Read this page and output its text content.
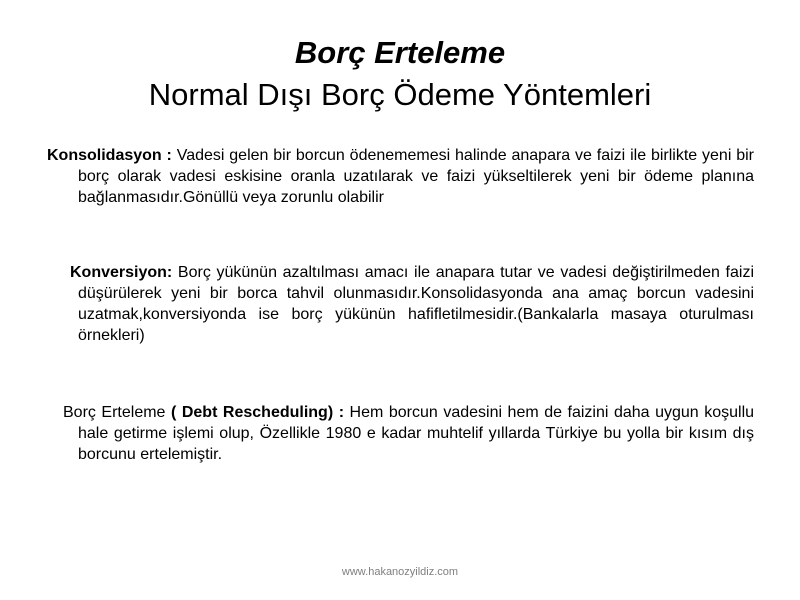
Borç Erteleme
Normal Dışı Borç Ödeme Yöntemleri
Konsolidasyon : Vadesi gelen bir borcun ödenememesi halinde anapara ve faizi ile birlikte yeni bir borç olarak vadesi eskisine oranla uzatılarak ve faizi yükseltilerek yeni bir ödeme planına bağlanmasıdır.Gönüllü veya zorunlu olabilir
Konversiyon: Borç yükünün azaltılması amacı ile anapara tutar ve vadesi değiştirilmeden faizi düşürülerek yeni bir borca tahvil olunmasıdır.Konsolidasyonda ana amaç borcun vadesini uzatmak,konversiyonda ise borç yükünün hafifletilmesidir.(Bankalarla masaya oturulması örnekleri)
Borç Erteleme ( Debt Rescheduling) : Hem borcun vadesini hem de faizini daha uygun koşullu hale getirme işlemi olup, Özellikle 1980 e kadar muhtelif yıllarda Türkiye bu yolla bir kısım dış borcunu ertelemiştir.
www.hakanozyildiz.com
